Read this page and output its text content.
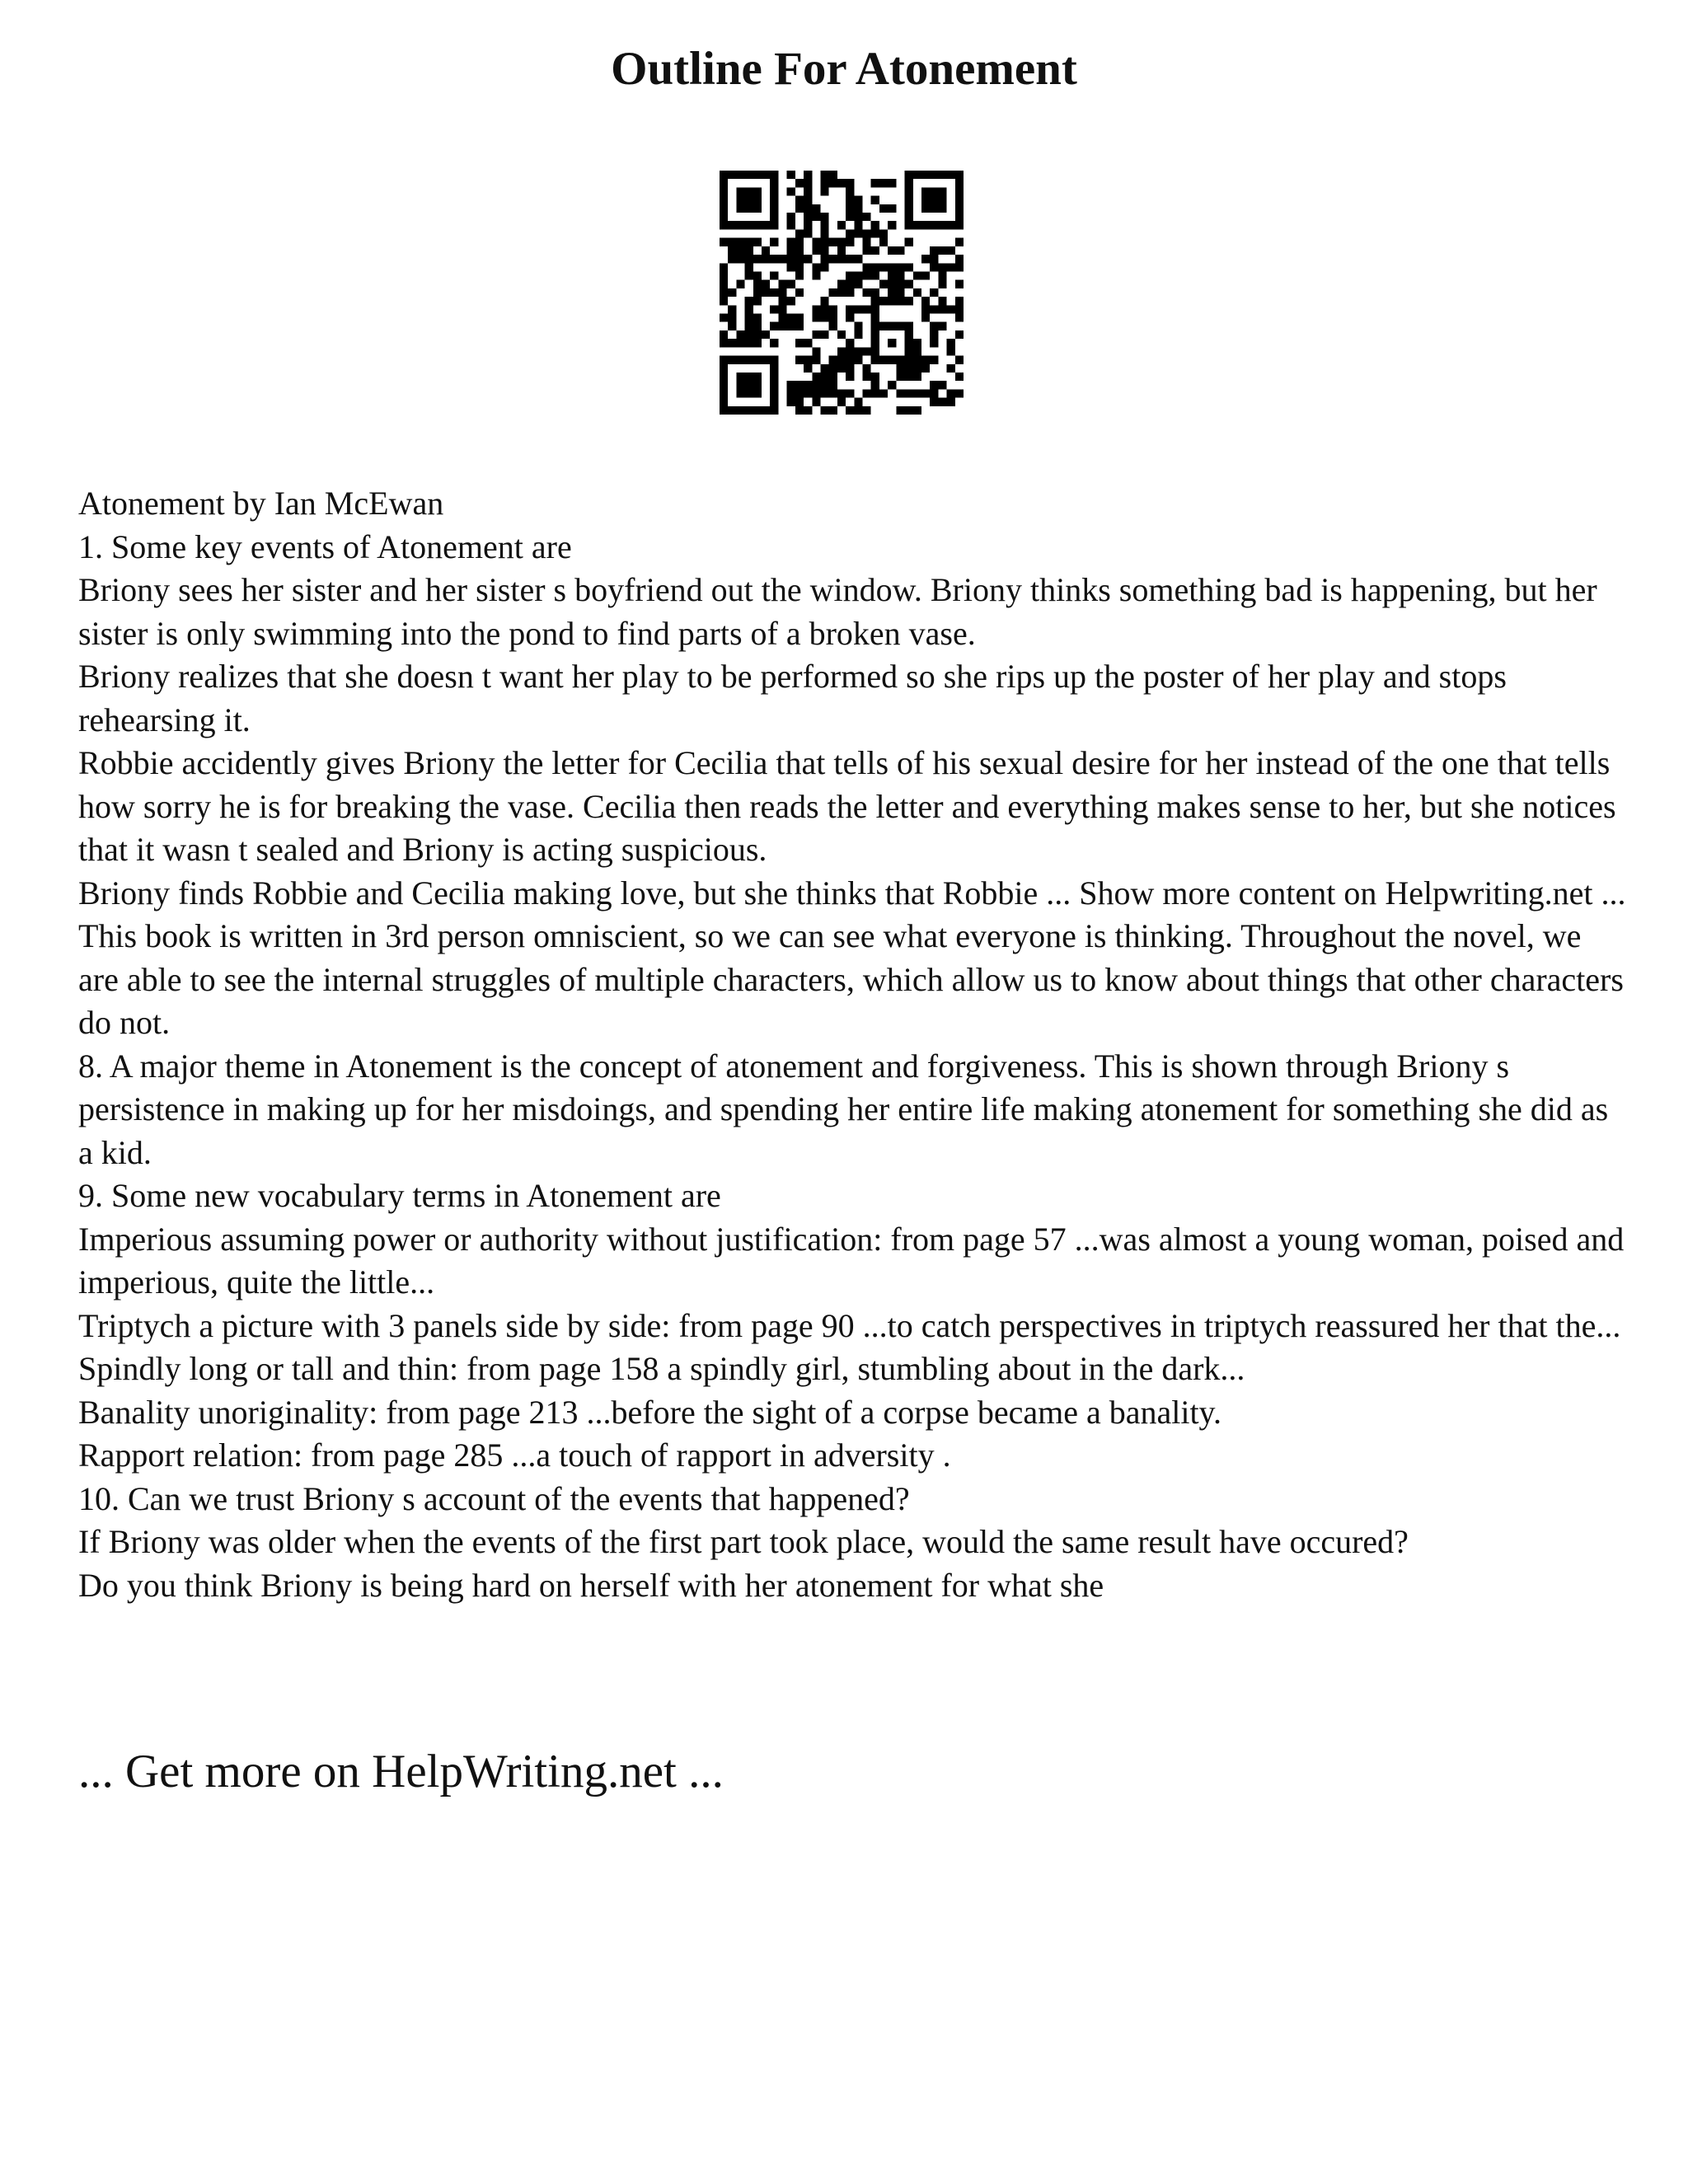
Outline For Atonement

Atonement by Ian McEwan

1. Some key events of Atonement are

Briony sees her sister and her sister s boyfriend out the window. Briony thinks something bad is happening, but her sister is only swimming into the pond to find parts of a broken vase.

Briony realizes that she doesn t want her play to be performed so she rips up the poster of her play and stops rehearsing it.

Robbie accidently gives Briony the letter for Cecilia that tells of his sexual desire for her instead of the one that tells how sorry he is for breaking the vase. Cecilia then reads the letter and everything makes sense to her, but she notices that it wasn t sealed and Briony is acting suspicious.

Briony finds Robbie and Cecilia making love, but she thinks that Robbie ... Show more content on Helpwriting.net ...

This book is written in 3rd person omniscient, so we can see what everyone is thinking. Throughout the novel, we are able to see the internal struggles of multiple characters, which allow us to know about things that other characters do not.

8. A major theme in Atonement is the concept of atonement and forgiveness. This is shown through Briony s persistence in making up for her misdoings, and spending her entire life making atonement for something she did as a kid.

9. Some new vocabulary terms in Atonement are

Imperious assuming power or authority without justification: from page 57 ...was almost a young woman, poised and imperious, quite the little...

Triptych a picture with 3 panels side by side: from page 90 ...to catch perspectives in triptych reassured her that the...

Spindly long or tall and thin: from page 158 a spindly girl, stumbling about in the dark...

Banality unoriginality: from page 213 ...before the sight of a corpse became a banality.

Rapport relation: from page 285 ...a touch of rapport in adversity .

10. Can we trust Briony s account of the events that happened?

If Briony was older when the events of the first part took place, would the same result have occured?

Do you think Briony is being hard on herself with her atonement for what she

... Get more on HelpWriting.net ...
